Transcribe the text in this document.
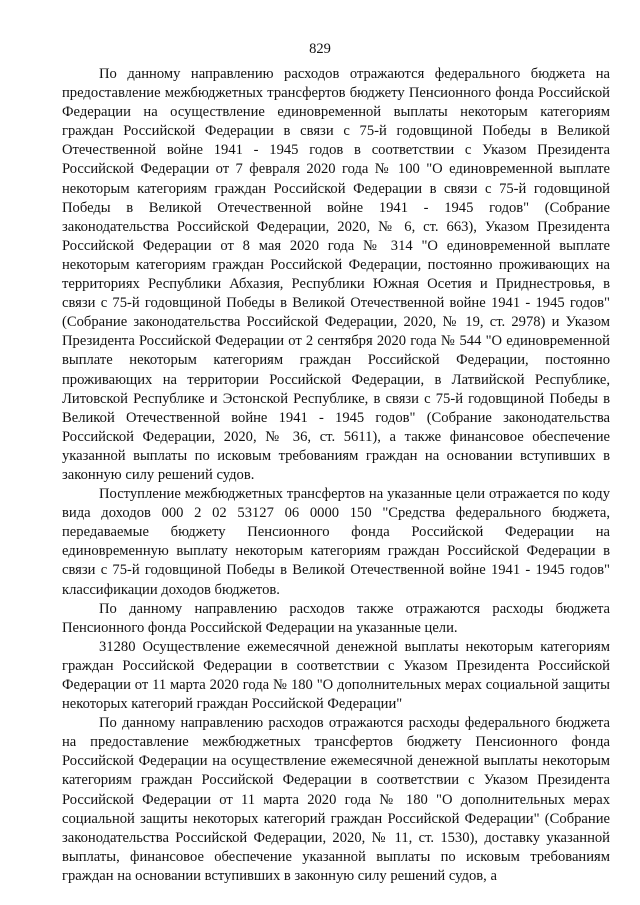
829

По данному направлению расходов отражаются федерального бюджета на предоставление межбюджетных трансфертов бюджету Пенсионного фонда Российской Федерации на осуществление единовременной выплаты некоторым категориям граждан Российской Федерации в связи с 75-й годовщиной Победы в Великой Отечественной войне 1941 - 1945 годов в соответствии с Указом Президента Российской Федерации от 7 февраля 2020 года № 100 "О единовременной выплате некоторым категориям граждан Российской Федерации в связи с 75-й годовщиной Победы в Великой Отечественной войне 1941 - 1945 годов" (Собрание законодательства Российской Федерации, 2020, № 6, ст. 663), Указом Президента Российской Федерации от 8 мая 2020 года № 314 "О единовременной выплате некоторым категориям граждан Российской Федерации, постоянно проживающих на территориях Республики Абхазия, Республики Южная Осетия и Приднестровья, в связи с 75-й годовщиной Победы в Великой Отечественной войне 1941 - 1945 годов" (Собрание законодательства Российской Федерации, 2020, № 19, ст. 2978) и Указом Президента Российской Федерации от 2 сентября 2020 года № 544 "О единовременной выплате некоторым категориям граждан Российской Федерации, постоянно проживающих на территории Российской Федерации, в Латвийской Республике, Литовской Республике и Эстонской Республике, в связи с 75-й годовщиной Победы в Великой Отечественной войне 1941 - 1945 годов" (Собрание законодательства Российской Федерации, 2020, № 36, ст. 5611), а также финансовое обеспечение указанной выплаты по исковым требованиям граждан на основании вступивших в законную силу решений судов.

Поступление межбюджетных трансфертов на указанные цели отражается по коду вида доходов 000 2 02 53127 06 0000 150 "Средства федерального бюджета, передаваемые бюджету Пенсионного фонда Российской Федерации на единовременную выплату некоторым категориям граждан Российской Федерации в связи с 75-й годовщиной Победы в Великой Отечественной войне 1941 - 1945 годов" классификации доходов бюджетов.

По данному направлению расходов также отражаются расходы бюджета Пенсионного фонда Российской Федерации на указанные цели.

31280 Осуществление ежемесячной денежной выплаты некоторым категориям граждан Российской Федерации в соответствии с Указом Президента Российской Федерации от 11 марта 2020 года № 180 "О дополнительных мерах социальной защиты некоторых категорий граждан Российской Федерации"

По данному направлению расходов отражаются расходы федерального бюджета на предоставление межбюджетных трансфертов бюджету Пенсионного фонда Российской Федерации на осуществление ежемесячной денежной выплаты некоторым категориям граждан Российской Федерации в соответствии с Указом Президента Российской Федерации от 11 марта 2020 года № 180 "О дополнительных мерах социальной защиты некоторых категорий граждан Российской Федерации" (Собрание законодательства Российской Федерации, 2020, № 11, ст. 1530), доставку указанной выплаты, финансовое обеспечение указанной выплаты по исковым требованиям граждан на основании вступивших в законную силу решений судов, а
